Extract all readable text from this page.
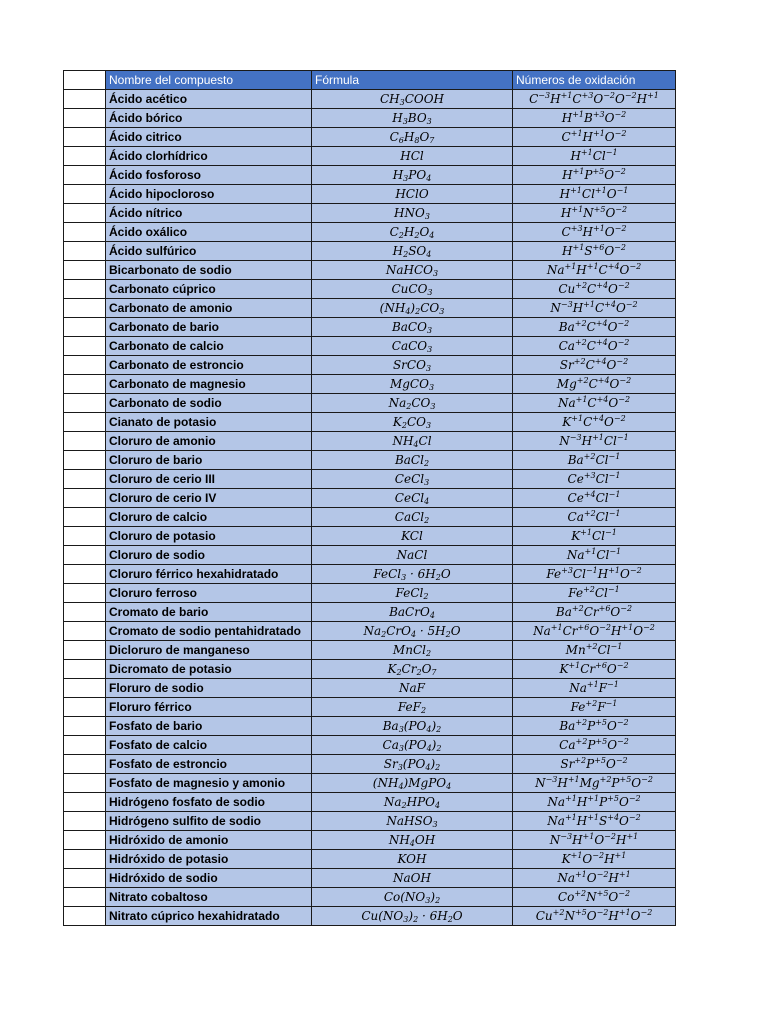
	Nombre del compuesto	Fórmula	Números de oxidación
	Ácido acético	$CH_3COOH$	$C^{-3}H^{+1}C^{+3}O^{-2}O^{-2}H^{+1}$
	Ácido bórico	$H_3BO_3$	$H^{+1}B^{+3}O^{-2}$
	Ácido citrico	$C_6H_8O_7$	$C^{+1}H^{+1}O^{-2}$
	Ácido clorhídrico	HCl	$H^{+1}Cl^{-1}$
	Ácido fosforoso	$H_3PO_4$	$H^{+1}P^{+5}O^{-2}$
	Ácido hipocloroso	HClO	$H^{+1}Cl^{+1}O^{-1}$
	Ácido nítrico	$HNO_3$	$H^{+1}N^{+5}O^{-2}$
	Ácido oxálico	$C_2H_2O_4$	$C^{+3}H^{+1}O^{-2}$
	Ácido sulfúrico	$H_2SO_4$	$H^{+1}S^{+6}O^{-2}$
	Bicarbonato de sodio	NaHCO$_3$	$Na^{+1}H^{+1}C^{+4}O^{-2}$
	Carbonato cúprico	CuCO$_3$	$Cu^{+2}C^{+4}O^{-2}$
	Carbonato de amonio	$(NH_4)_2CO_3$	$N^{-3}H^{+1}C^{+4}O^{-2}$
	Carbonato de bario	BaCO$_3$	$Ba^{+2}C^{+4}O^{-2}$
	Carbonato de calcio	CaCO$_3$	$Ca^{+2}C^{+4}O^{-2}$
	Carbonato de estroncio	SrCO$_3$	$Sr^{+2}C^{+4}O^{-2}$
	Carbonato de magnesio	MgCO$_3$	$Mg^{+2}C^{+4}O^{-2}$
	Carbonato de sodio	$Na_2CO_3$	$Na^{+1}C^{+4}O^{-2}$
	Cianato de potasio	$K_2CO_3$	$K^{+1}C^{+4}O^{-2}$
	Cloruro de amonio	$NH_4Cl$	$N^{-3}H^{+1}Cl^{-1}$
	Cloruro de bario	BaCl$_2$	$Ba^{+2}Cl^{-1}$
	Cloruro de cerio III	CeCl$_3$	$Ce^{+3}Cl^{-1}$
	Cloruro de cerio IV	CeCl$_4$	$Ce^{+4}Cl^{-1}$
	Cloruro de calcio	CaCl$_2$	$Ca^{+2}Cl^{-1}$
	Cloruro de potasio	KCl	$K^{+1}Cl^{-1}$
	Cloruro de sodio	NaCl	$Na^{+1}Cl^{-1}$
	Cloruro férrico hexahidratado	FeCl$_3$ · $6H_2O$	$Fe^{+3}Cl^{-1}H^{+1}O^{-2}$
	Cloruro ferroso	FeCl$_2$	$Fe^{+2}Cl^{-1}$
	Cromato de bario	BaCrO$_4$	$Ba^{+2}Cr^{+6}O^{-2}$
	Cromato de sodio pentahidratado	$Na_2CrO_4 \cdot 5H_2O$	$Na^{+1}Cr^{+6}O^{-2}H^{+1}O^{-2}$
	Dicloruro de manganeso	MnCl$_2$	$Mn^{+2}Cl^{-1}$
	Dicromato de potasio	$K_2Cr_2O_7$	$K^{+1}Cr^{+6}O^{-2}$
	Floruro de sodio	NaF	$Na^{+1}F^{-1}$
	Floruro férrico	FeF$_2$	$Fe^{+2}F^{-1}$
	Fosfato de bario	$Ba_3(PO_4)_2$	$Ba^{+2}P^{+5}O^{-2}$
	Fosfato de calcio	$Ca_3(PO_4)_2$	$Ca^{+2}P^{+5}O^{-2}$
	Fosfato de estroncio	$Sr_3(PO_4)_2$	$Sr^{+2}P^{+5}O^{-2}$
	Fosfato de magnesio y amonio	$(NH_4)MgPO_4$	$N^{-3}H^{+1}Mg^{+2}P^{+5}O^{-2}$
	Hidrógeno fosfato de sodio	$Na_2HPO_4$	$Na^{+1}H^{+1}P^{+5}O^{-2}$
	Hidrógeno sulfito de sodio	NaHSO$_3$	$Na^{+1}H^{+1}S^{+4}O^{-2}$
	Hidróxido de amonio	$NH_4OH$	$N^{-3}H^{+1}O^{-2}H^{+1}$
	Hidróxido de potasio	KOH	$K^{+1}O^{-2}H^{+1}$
	Hidróxido de sodio	NaOH	$Na^{+1}O^{-2}H^{+1}$
	Nitrato cobaltoso	$Co(NO_3)_2$	$Co^{+2}N^{+5}O^{-2}$
	Nitrato cúprico hexahidratado	$Cu(NO_3)_2 \cdot 6H_2O$	$Cu^{+2}N^{+5}O^{-2}H^{+1}O^{-2}$
